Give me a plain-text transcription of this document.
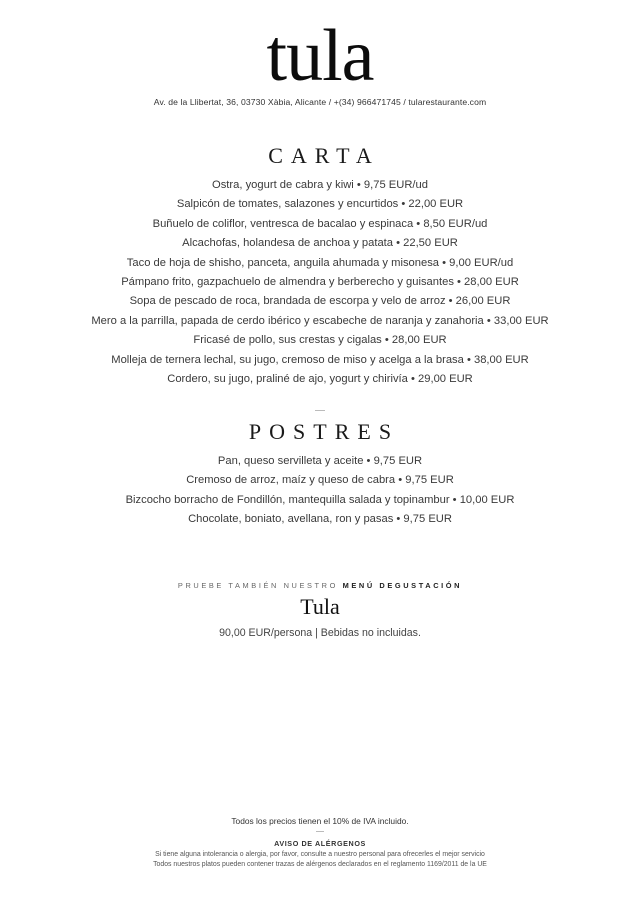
tula
Av. de la Llibertat, 36, 03730 Xàbia, Alicante / +(34) 966471745 / tularestaurante.com
CARTA
Ostra, yogurt de cabra y kiwi • 9,75 EUR/ud
Salpicón de tomates, salazones y encurtidos • 22,00 EUR
Buñuelo de coliflor, ventresca de bacalao y espinaca • 8,50 EUR/ud
Alcachofas, holandesa de anchoa y patata • 22,50 EUR
Taco de hoja de shisho, panceta, anguila ahumada y misonesa • 9,00 EUR/ud
Pámpano frito, gazpachuelo de almendra y berberecho y guisantes • 28,00 EUR
Sopa de pescado de roca, brandada de escorpa y velo de arroz • 26,00 EUR
Mero a la parrilla, papada de cerdo ibérico y escabeche de naranja y zanahoria • 33,00 EUR
Fricasé de pollo, sus crestas y cigalas • 28,00 EUR
Molleja de ternera lechal, su jugo, cremoso de miso y acelga a la brasa • 38,00 EUR
Cordero, su jugo, praliné de ajo, yogurt y chirivía • 29,00 EUR
POSTRES
Pan, queso servilleta y aceite • 9,75 EUR
Cremoso de arroz, maíz y queso de cabra • 9,75 EUR
Bizcocho borracho de Fondillón, mantequilla salada y topinambur • 10,00 EUR
Chocolate, boniato, avellana, ron y pasas • 9,75 EUR
PRUEBE TAMBIÉN NUESTRO MENÚ DEGUSTACIÓN
Tula
90,00 EUR/persona | Bebidas no incluidas.
Todos los precios tienen el 10% de IVA incluido.
AVISO DE ALÉRGENOS
Si tiene alguna intolerancia o alergia, por favor, consulte a nuestro personal para ofrecerles el mejor servicio
Todos nuestros platos pueden contener trazas de alérgenos declarados en el reglamento 1169/2011 de la UE
